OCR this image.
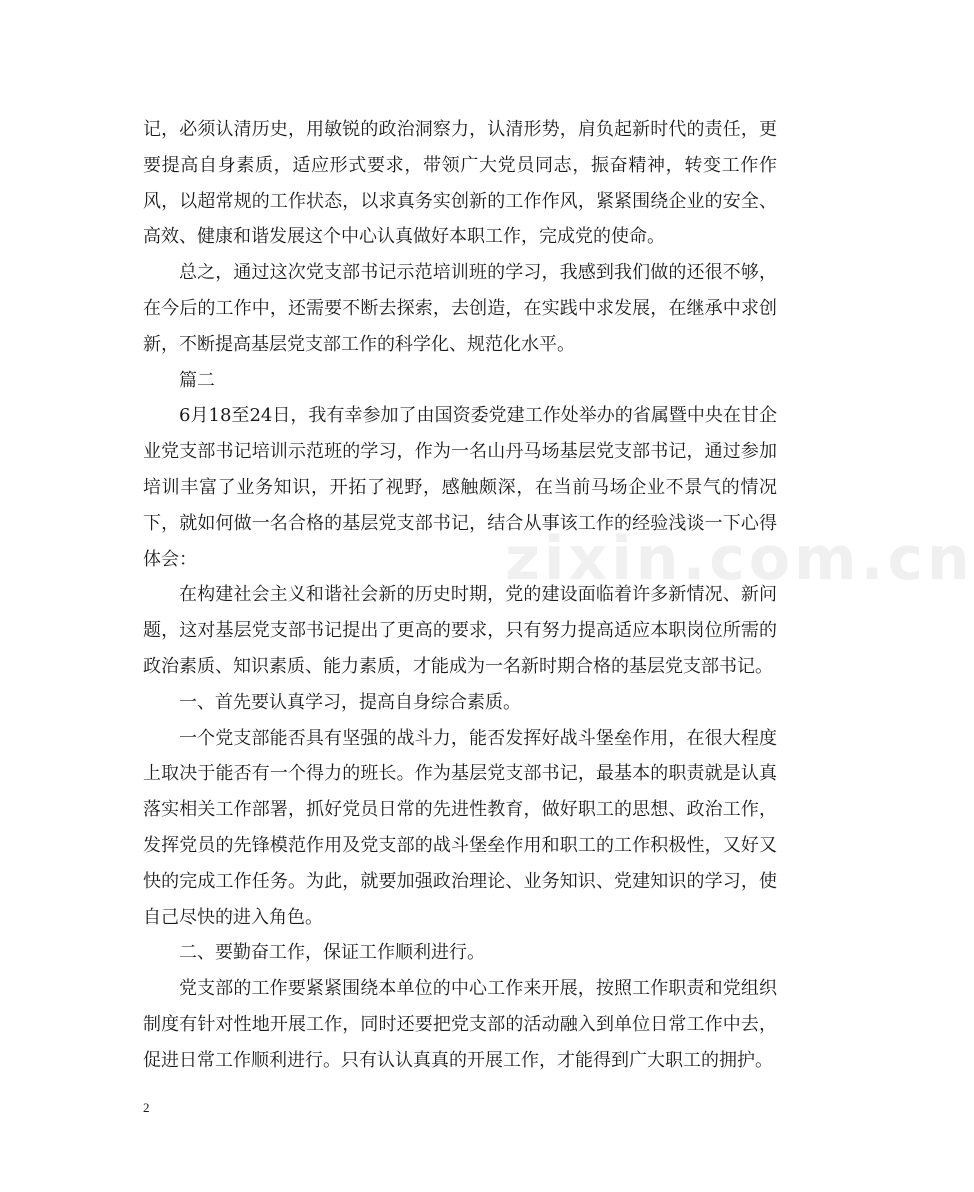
记，必须认清历史，用敏锐的政治洞察力，认清形势，肩负起新时代的责任，更要提高自身素质，适应形式要求，带领广大党员同志，振奋精神，转变工作作风，以超常规的工作状态，以求真务实创新的工作作风，紧紧围绕企业的安全、高效、健康和谐发展这个中心认真做好本职工作，完成党的使命。

总之，通过这次党支部书记示范培训班的学习，我感到我们做的还很不够，在今后的工作中，还需要不断去探索，去创造，在实践中求发展，在继承中求创新，不断提高基层党支部工作的科学化、规范化水平。

篇二

6月18至24日，我有幸参加了由国资委党建工作处举办的省属暨中央在甘企业党支部书记培训示范班的学习，作为一名山丹马场基层党支部书记，通过参加培训丰富了业务知识，开拓了视野，感触颇深，在当前马场企业不景气的情况下，就如何做一名合格的基层党支部书记，结合从事该工作的经验浅谈一下心得体会：

在构建社会主义和谐社会新的历史时期，党的建设面临着许多新情况、新问题，这对基层党支部书记提出了更高的要求，只有努力提高适应本职岗位所需的政治素质、知识素质、能力素质，才能成为一名新时期合格的基层党支部书记。

一、首先要认真学习，提高自身综合素质。

一个党支部能否具有坚强的战斗力，能否发挥好战斗堡垒作用，在很大程度上取决于能否有一个得力的班长。作为基层党支部书记，最基本的职责就是认真落实相关工作部署，抓好党员日常的先进性教育，做好职工的思想、政治工作，发挥党员的先锋模范作用及党支部的战斗堡垒作用和职工的工作积极性，又好又快的完成工作任务。为此，就要加强政治理论、业务知识、党建知识的学习，使自己尽快的进入角色。

二、要勤奋工作，保证工作顺利进行。

党支部的工作要紧紧围绕本单位的中心工作来开展，按照工作职责和党组织制度有针对性地开展工作，同时还要把党支部的活动融入到单位日常工作中去，促进日常工作顺利进行。只有认认真真的开展工作，才能得到广大职工的拥护。

zixin.com.cn
2
